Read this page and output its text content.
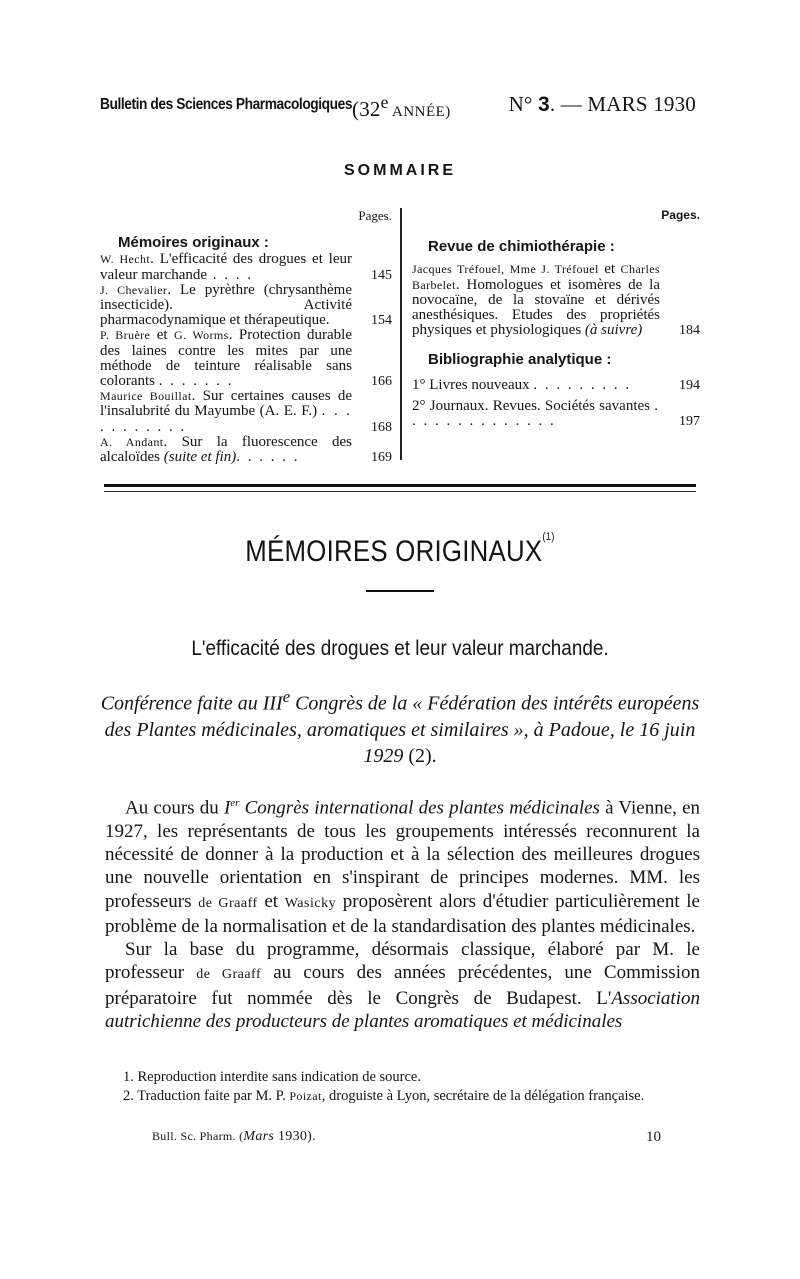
Bulletin des Sciences Pharmacologiques.
(32e ANNÉE)	N° 3. — MARS 1930
SOMMAIRE
Pages.
Mémoires originaux :
W. Hecht. L'efficacité des drogues et leur valeur marchande . . . .	145
J. Chevalier. Le pyrèthre (chrysanthème insecticide). Activité pharmacodynamique et thérapeutique.	154
P. Bruère et G. Worms. Protection durable des laines contre les mites par une méthode de teinture réalisable sans colorants . . . . . . .	166
Maurice Bouillat. Sur certaines causes de l'insalubrité du Mayumbe (A. E. F.) . . . . . . . . . . .	168
A. Andant. Sur la fluorescence des alcaloïdes (suite et fin). . . . . .	169
Pages.
Revue de chimiothérapie :
Jacques Tréfouel, Mme J. Tréfouel et Charles Barbelet. Homologues et isomères de la novocaïne, de la stovaïne et dérivés anesthésiques. Etudes des propriétés physiques et physiologiques (à suivre)	184
Bibliographie analytique :
1° Livres nouveaux . . . . . . . . .	194
2° Journaux. Revues. Sociétés savantes . . . . . . . . . . . . . .	197
MÉMOIRES ORIGINAUX$^{(1)}$
L'efficacité des drogues et leur valeur marchande.
Conférence faite au IIIe Congrès de la « Fédération des intérêts européens des Plantes médicinales, aromatiques et similaires », à Padoue, le 16 juin 1929 (2).

Au cours du Ier Congrès international des plantes médicinales à Vienne, en 1927, les représentants de tous les groupements intéressés reconnurent la nécessité de donner à la production et à la sélection des meilleures drogues une nouvelle orientation en s'inspirant de principes modernes. MM. les professeurs de Graaff et Wasicky proposèrent alors d'étudier particulièrement le problème de la normalisation et de la standardisation des plantes médicinales.

Sur la base du programme, désormais classique, élaboré par M. le professeur de Graaff au cours des années précédentes, une Commission préparatoire fut nommée dès le Congrès de Budapest. L'Association autrichienne des producteurs de plantes aromatiques et médicinales

1. Reproduction interdite sans indication de source.

2. Traduction faite par M. P. Poizat, droguiste à Lyon, secrétaire de la délégation française.

Bull. Sc. Pharm. (Mars 1930).	10
